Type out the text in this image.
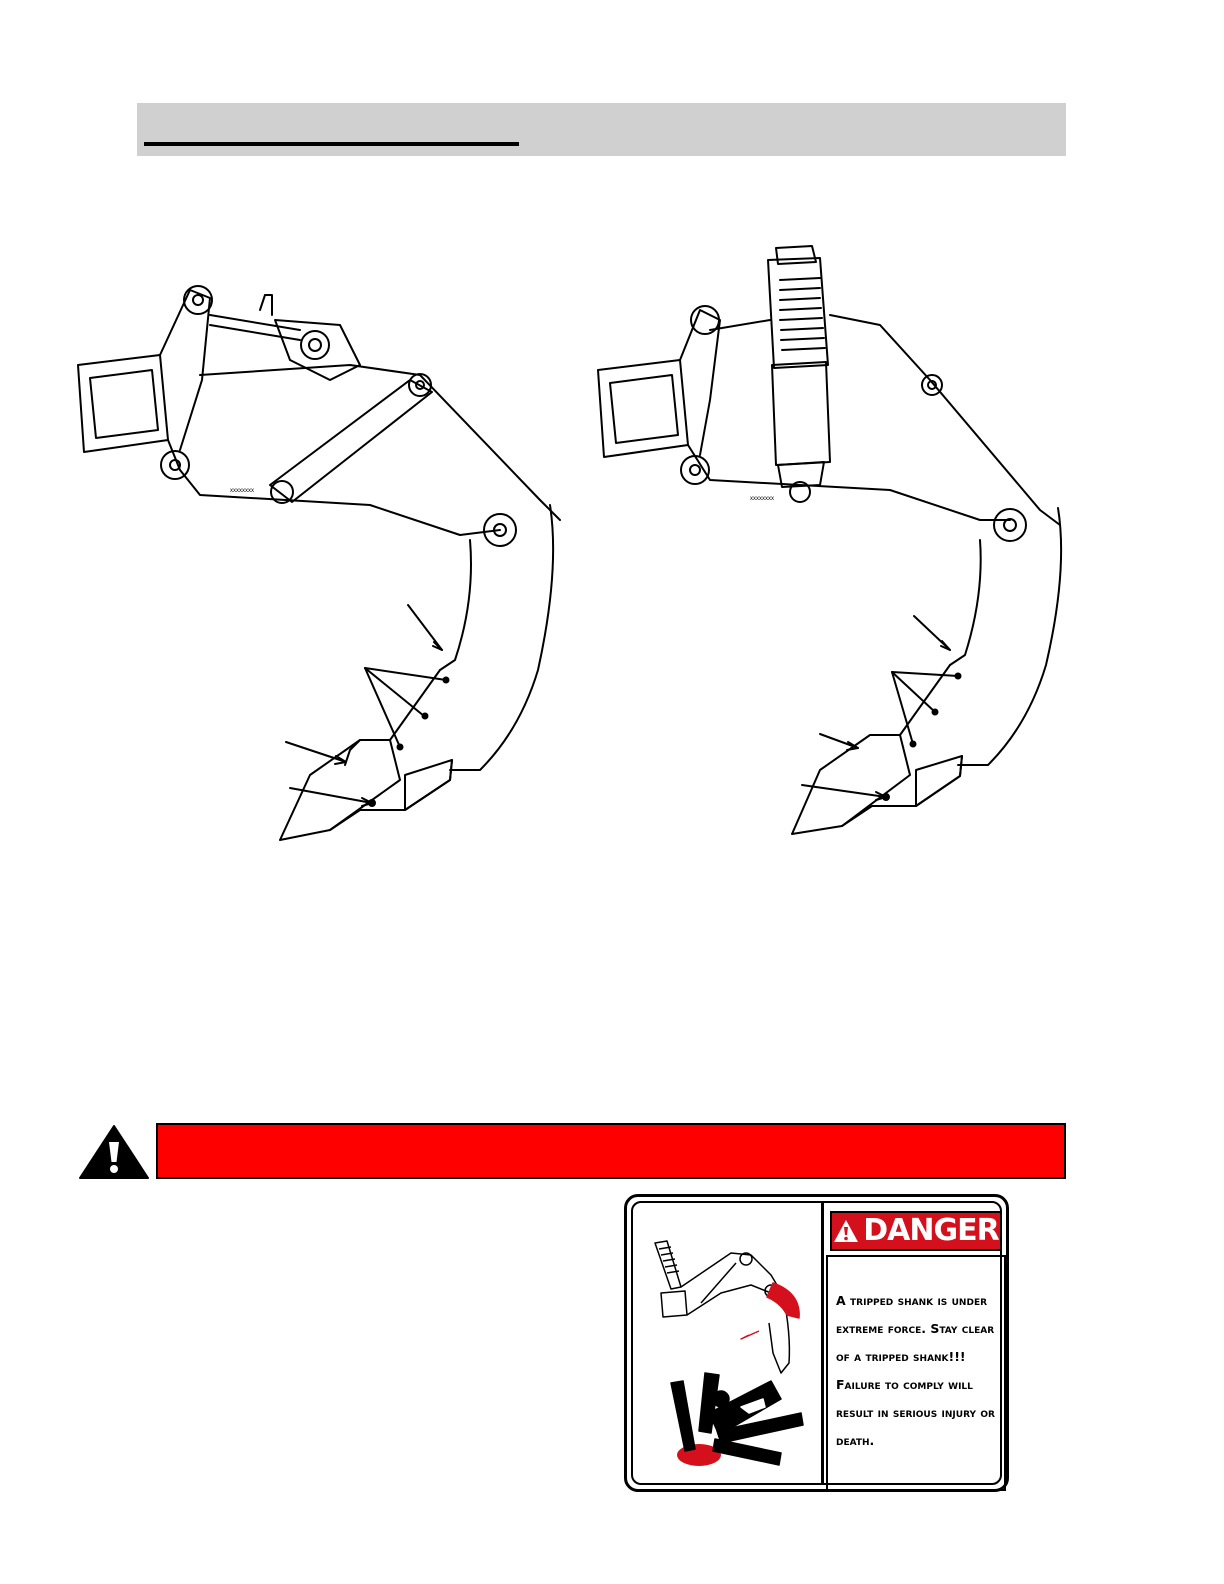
xxxxxxxx
xxxxxxxx
DANGER

A tripped shank is under extreme force. Stay clear of a tripped shank!!! Failure to comply will result in serious injury or death.
